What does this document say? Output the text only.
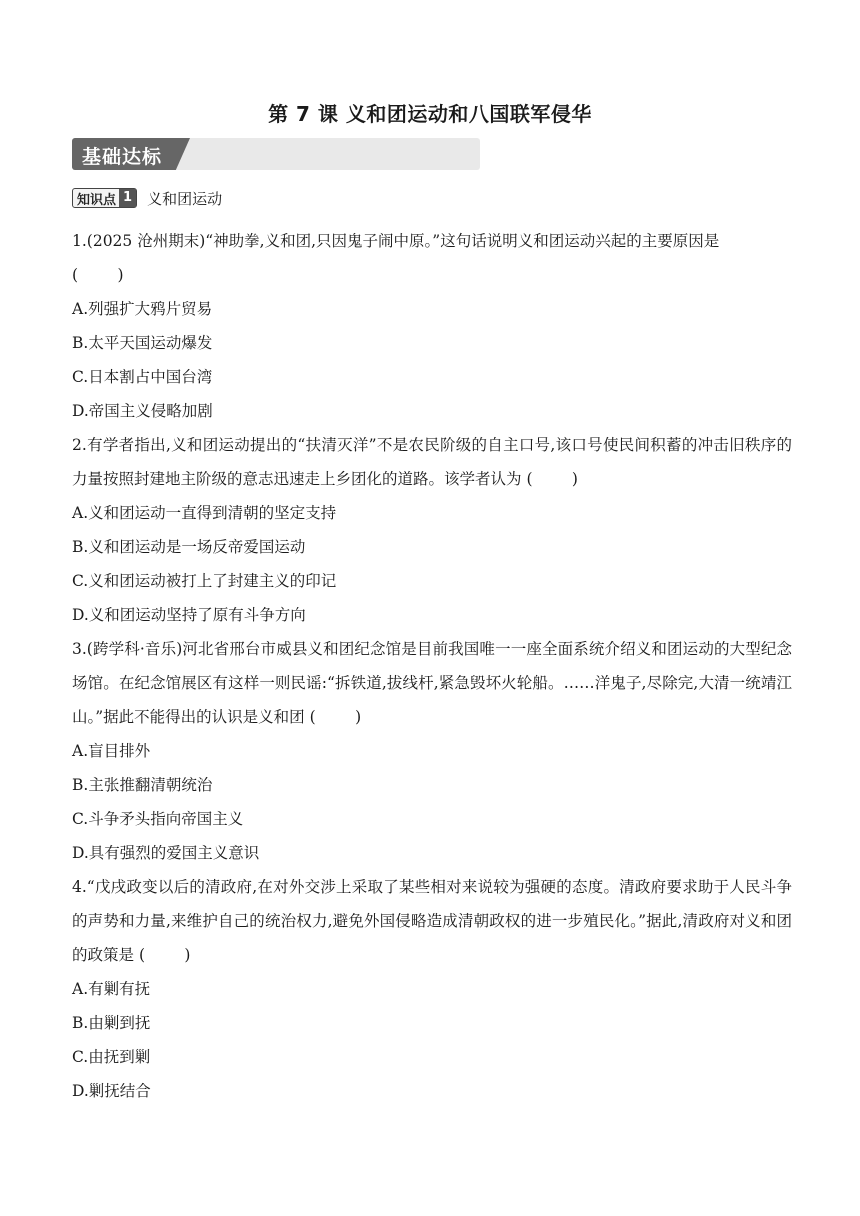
第 7 课 义和团运动和八国联军侵华
基础达标
知识点 1 义和团运动

1.(2025 沧州期末)“神助拳,义和团,只因鬼子闹中原。”这句话说明义和团运动兴起的主要原因是
(        )

A.列强扩大鸦片贸易

B.太平天国运动爆发

C.日本割占中国台湾

D.帝国主义侵略加剧

2.有学者指出,义和团运动提出的“扶清灭洋”不是农民阶级的自主口号,该口号使民间积蓄的冲击旧秩序的力量按照封建地主阶级的意志迅速走上乡团化的道路。该学者认为 (        )

A.义和团运动一直得到清朝的坚定支持

B.义和团运动是一场反帝爱国运动

C.义和团运动被打上了封建主义的印记

D.义和团运动坚持了原有斗争方向

3.(跨学科·音乐)河北省邢台市威县义和团纪念馆是目前我国唯一一座全面系统介绍义和团运动的大型纪念场馆。在纪念馆展区有这样一则民谣:“拆铁道,拔线杆,紧急毁坏火轮船。……洋鬼子,尽除完,大清一统靖江山。”据此不能得出的认识是义和团 (        )

A.盲目排外

B.主张推翻清朝统治

C.斗争矛头指向帝国主义

D.具有强烈的爱国主义意识

4.“戊戌政变以后的清政府,在对外交涉上采取了某些相对来说较为强硬的态度。清政府要求助于人民斗争的声势和力量,来维护自己的统治权力,避免外国侵略造成清朝政权的进一步殖民化。”据此,清政府对义和团的政策是 (        )

A.有剿有抚

B.由剿到抚

C.由抚到剿

D.剿抚结合
